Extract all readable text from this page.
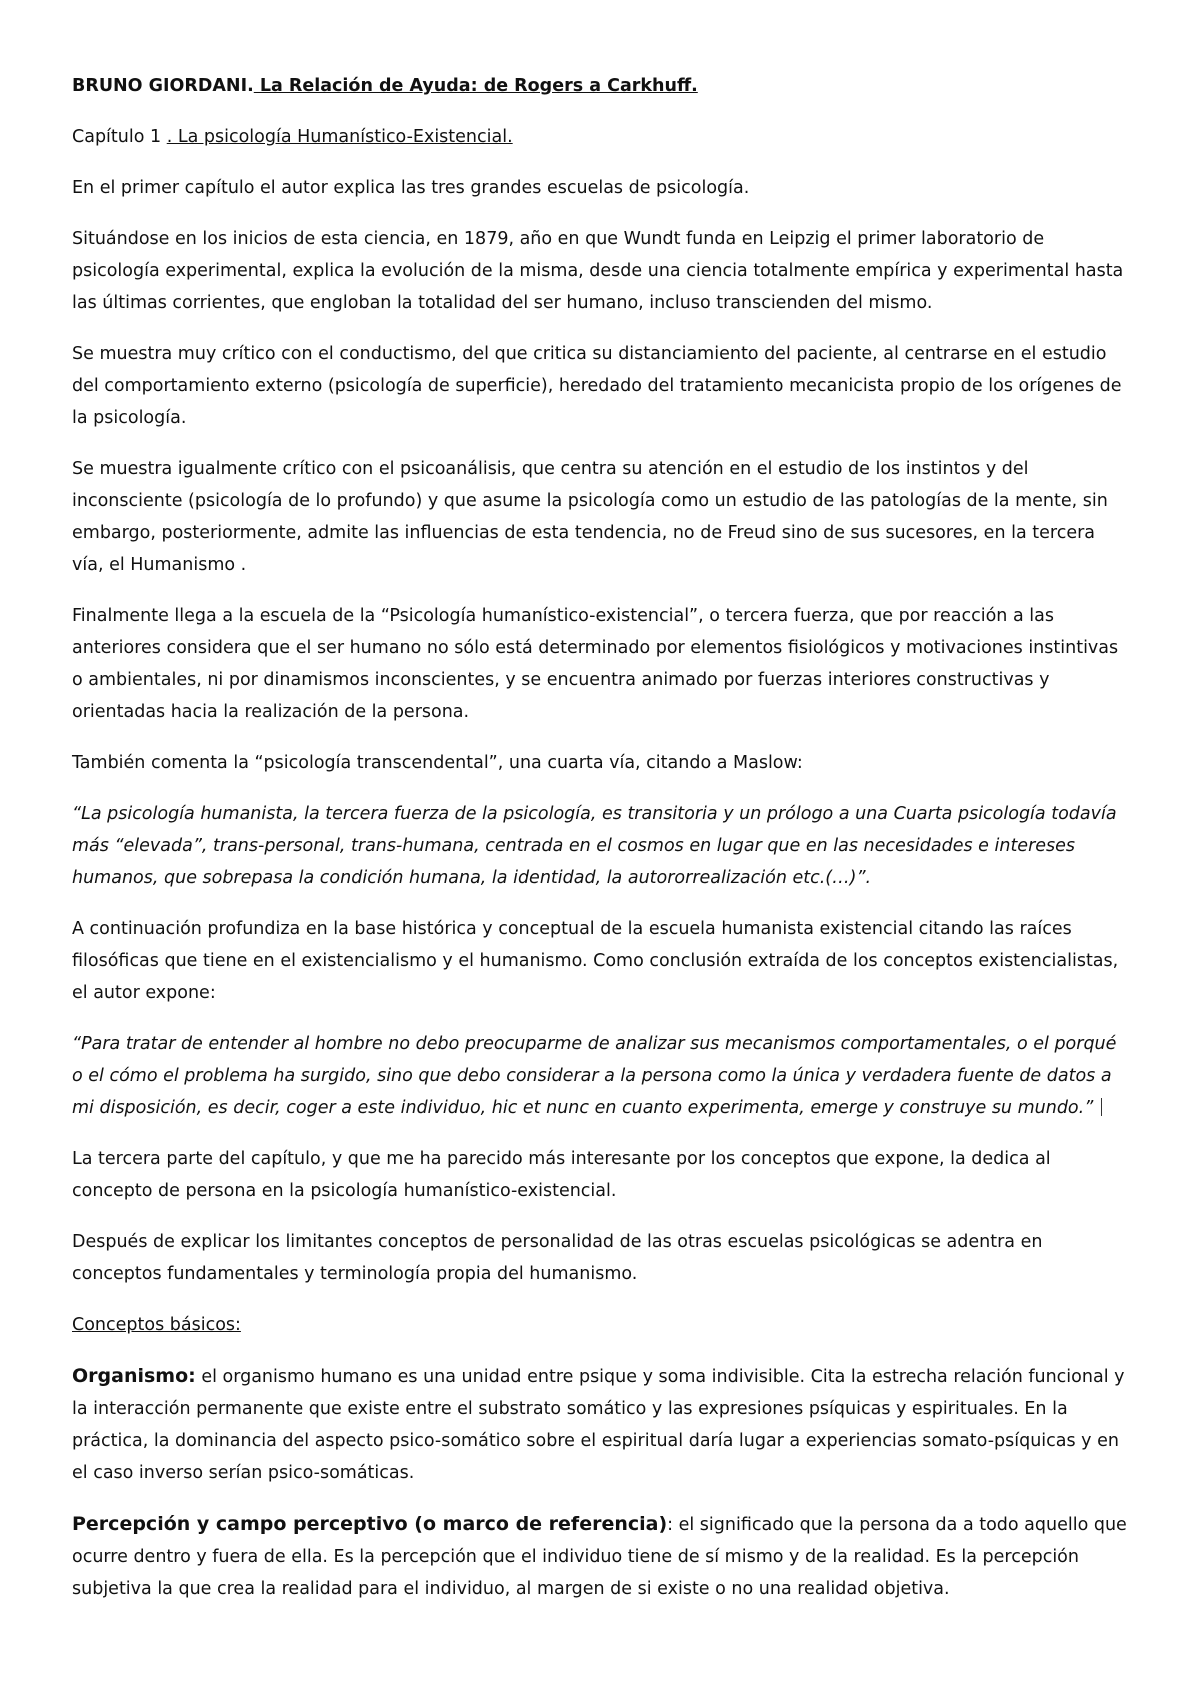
BRUNO GIORDANI. La Relación de Ayuda: de Rogers a Carkhuff.

Capítulo 1 . La psicología Humanístico-Existencial.

En el primer capítulo el autor explica las tres grandes escuelas de psicología.

Situándose en los inicios de esta ciencia, en 1879, año en que Wundt funda en Leipzig el primer laboratorio de psicología experimental, explica la evolución de la misma, desde una ciencia totalmente empírica y experimental hasta las últimas corrientes, que engloban la totalidad del ser humano, incluso transcienden del mismo.

Se muestra muy crítico con el conductismo, del que critica su distanciamiento del paciente, al centrarse en el estudio del comportamiento externo (psicología de superficie), heredado del tratamiento mecanicista propio de los orígenes de la psicología.

Se muestra igualmente crítico con el psicoanálisis, que centra su atención en el estudio de los instintos y del inconsciente (psicología de lo profundo) y que asume la psicología como un estudio de las patologías de la mente, sin embargo, posteriormente, admite las influencias de esta tendencia, no de Freud sino de sus sucesores, en la tercera vía, el Humanismo .

Finalmente llega a la escuela de la “Psicología humanístico-existencial”, o tercera fuerza, que por reacción a las anteriores considera que el ser humano no sólo está determinado por elementos fisiológicos y motivaciones instintivas o ambientales, ni por dinamismos inconscientes, y se encuentra animado por fuerzas interiores constructivas y orientadas hacia la realización de la persona.

También comenta la “psicología transcendental”, una cuarta vía, citando a Maslow:

“La psicología humanista, la tercera fuerza de la psicología, es transitoria y un prólogo a una Cuarta psicología todavía más “elevada”, trans-personal, trans-humana, centrada en el cosmos en lugar que en las necesidades e intereses humanos, que sobrepasa la condición humana, la identidad, la autororrealización etc.(…)”.

A continuación profundiza en la base histórica y conceptual de la escuela humanista existencial citando las raíces filosóficas que tiene en el existencialismo y el humanismo. Como conclusión extraída de los conceptos existencialistas, el autor expone:

“Para tratar de entender al hombre no debo preocuparme de analizar sus mecanismos comportamentales, o el porqué o el cómo el problema ha surgido, sino que debo considerar a la persona como la única y verdadera fuente de datos a mi disposición, es decir, coger a este individuo, hic et nunc en cuanto experimenta, emerge y construye su mundo.”

La tercera parte del capítulo, y que me ha parecido más interesante por los conceptos que expone, la dedica al concepto de persona en la psicología humanístico-existencial.

Después de explicar los limitantes conceptos de personalidad de las otras escuelas psicológicas se adentra en conceptos fundamentales y terminología propia del humanismo.

Conceptos básicos:

Organismo: el organismo humano es una unidad entre psique y soma indivisible. Cita la estrecha relación funcional y la interacción permanente que existe entre el substrato somático y las expresiones psíquicas y espirituales. En la práctica, la dominancia del aspecto psico-somático sobre el espiritual daría lugar a experiencias somato-psíquicas y en el caso inverso serían psico-somáticas.

Percepción y campo perceptivo (o marco de referencia): el significado que la persona da a todo aquello que ocurre dentro y fuera de ella. Es la percepción que el individuo tiene de sí mismo y de la realidad. Es la percepción subjetiva la que crea la realidad para el individuo, al margen de si existe o no una realidad objetiva.
